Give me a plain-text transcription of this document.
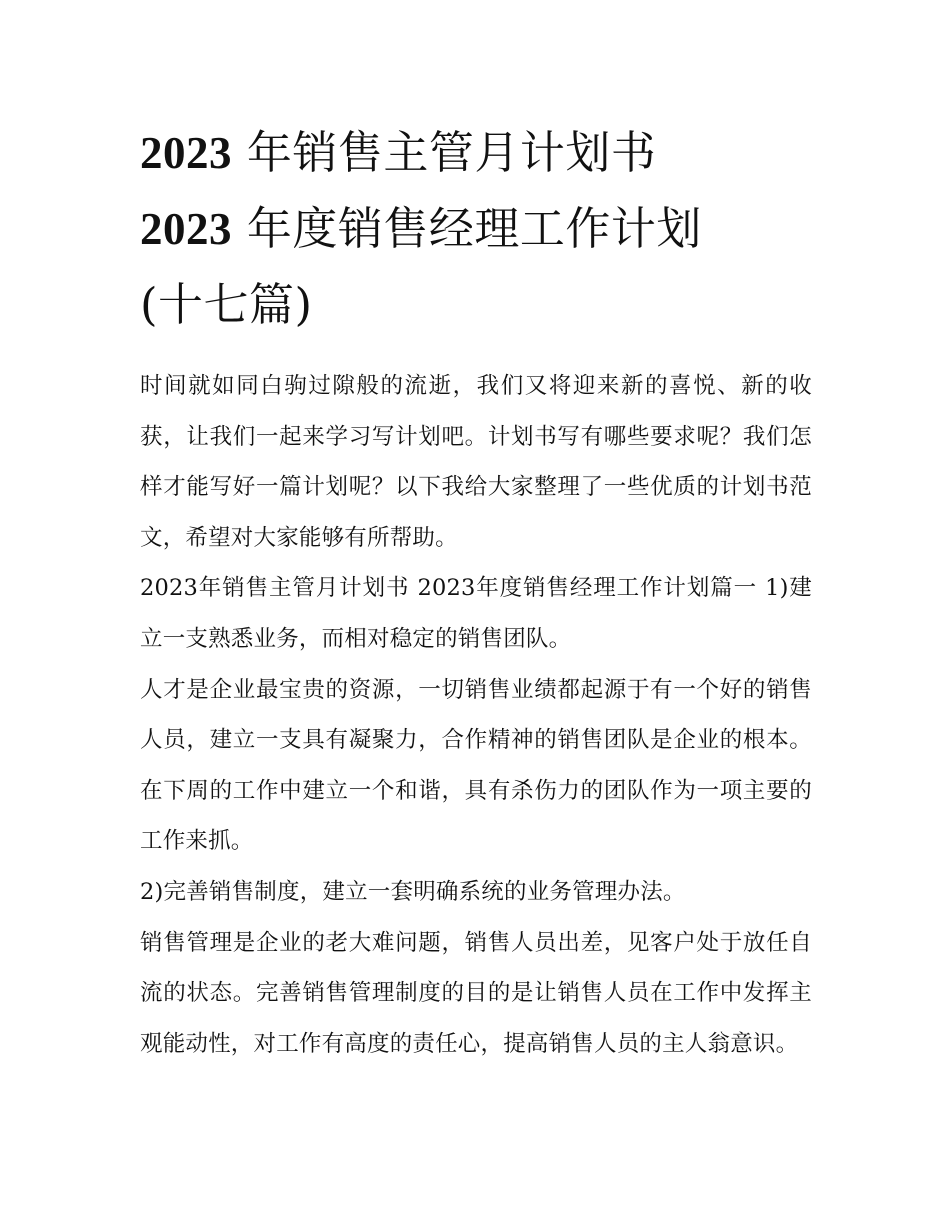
2023 年销售主管月计划书
2023 年度销售经理工作计划
(十七篇)

时间就如同白驹过隙般的流逝，我们又将迎来新的喜悦、新的收获，让我们一起来学习写计划吧。计划书写有哪些要求呢？我们怎样才能写好一篇计划呢？以下我给大家整理了一些优质的计划书范文，希望对大家能够有所帮助。

2023年销售主管月计划书 2023年度销售经理工作计划篇一 1)建立一支熟悉业务，而相对稳定的销售团队。

人才是企业最宝贵的资源，一切销售业绩都起源于有一个好的销售人员，建立一支具有凝聚力，合作精神的销售团队是企业的根本。在下周的工作中建立一个和谐，具有杀伤力的团队作为一项主要的工作来抓。

2)完善销售制度，建立一套明确系统的业务管理办法。

销售管理是企业的老大难问题，销售人员出差，见客户处于放任自流的状态。完善销售管理制度的目的是让销售人员在工作中发挥主观能动性，对工作有高度的责任心，提高销售人员的主人翁意识。
